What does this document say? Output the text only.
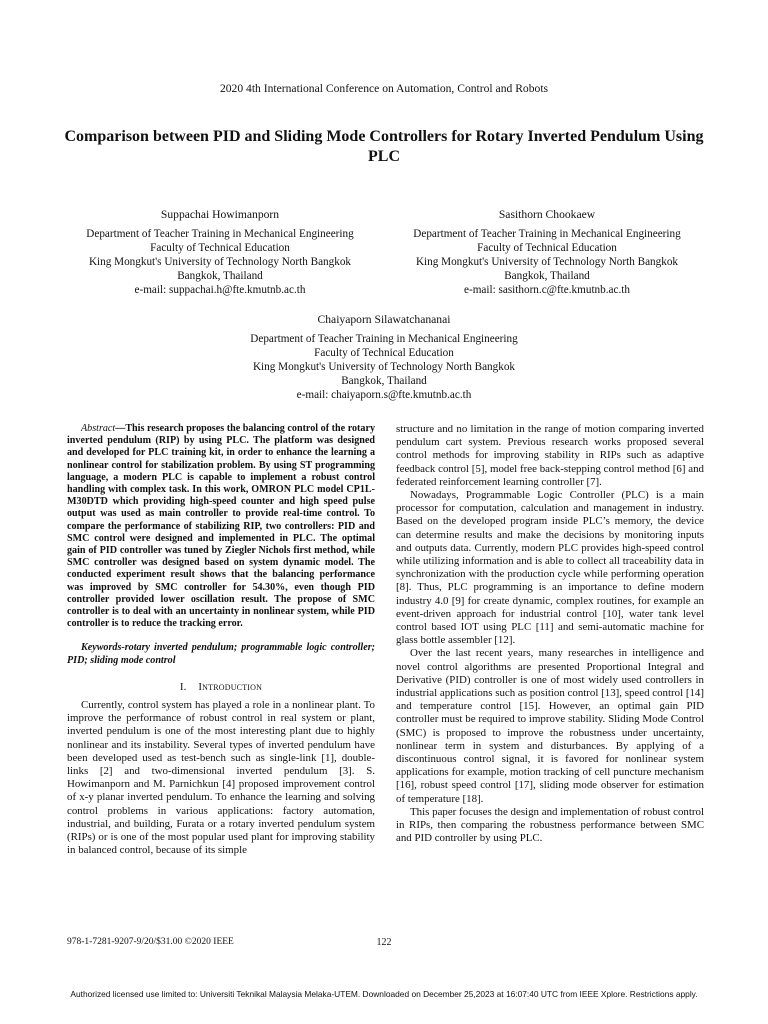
2020 4th International Conference on Automation, Control and Robots
Comparison between PID and Sliding Mode Controllers for Rotary Inverted Pendulum Using PLC
Suppachai Howimanporn
Department of Teacher Training in Mechanical Engineering
Faculty of Technical Education
King Mongkut's University of Technology North Bangkok
Bangkok, Thailand
e-mail: suppachai.h@fte.kmutnb.ac.th
Sasithorn Chookaew
Department of Teacher Training in Mechanical Engineering
Faculty of Technical Education
King Mongkut's University of Technology North Bangkok
Bangkok, Thailand
e-mail: sasithorn.c@fte.kmutnb.ac.th
Chaiyaporn Silawatchananai
Department of Teacher Training in Mechanical Engineering
Faculty of Technical Education
King Mongkut's University of Technology North Bangkok
Bangkok, Thailand
e-mail: chaiyaporn.s@fte.kmutnb.ac.th

Abstract—This research proposes the balancing control of the rotary inverted pendulum (RIP) by using PLC. The platform was designed and developed for PLC training kit, in order to enhance the learning a nonlinear control for stabilization problem. By using ST programming language, a modern PLC is capable to implement a robust control handling with complex task. In this work, OMRON PLC model CP1L-M30DTD which providing high-speed counter and high speed pulse output was used as main controller to provide real-time control. To compare the performance of stabilizing RIP, two controllers: PID and SMC control were designed and implemented in PLC. The optimal gain of PID controller was tuned by Ziegler Nichols first method, while SMC controller was designed based on system dynamic model. The conducted experiment result shows that the balancing performance was improved by SMC controller for 54.30%, even though PID controller provided lower oscillation result. The propose of SMC controller is to deal with an uncertainty in nonlinear system, while PID controller is to reduce the tracking error.

Keywords-rotary inverted pendulum; programmable logic controller; PID; sliding mode control

I. Introduction

Currently, control system has played a role in a nonlinear plant. To improve the performance of robust control in real system or plant, inverted pendulum is one of the most interesting plant due to highly nonlinear and its instability. Several types of inverted pendulum have been developed used as test-bench such as single-link [1], double-links [2] and two-dimensional inverted pendulum [3]. S. Howimanporn and M. Parnichkun [4] proposed improvement control of x-y planar inverted pendulum. To enhance the learning and solving control problems in various applications: factory automation, industrial, and building, Furata or a rotary inverted pendulum system (RIPs) or is one of the most popular used plant for improving stability in balanced control, because of its simple

structure and no limitation in the range of motion comparing inverted pendulum cart system. Previous research works proposed several control methods for improving stability in RIPs such as adaptive feedback control [5], model free back-stepping control method [6] and federated reinforcement learning controller [7].

Nowadays, Programmable Logic Controller (PLC) is a main processor for computation, calculation and management in industry. Based on the developed program inside PLC’s memory, the device can determine results and make the decisions by monitoring inputs and outputs data. Currently, modern PLC provides high-speed control while utilizing information and is able to collect all traceability data in synchronization with the production cycle while performing operation [8]. Thus, PLC programming is an importance to define modern industry 4.0 [9] for create dynamic, complex routines, for example an event-driven approach for industrial control [10], water tank level control based IOT using PLC [11] and semi-automatic machine for glass bottle assembler [12].

Over the last recent years, many researches in intelligence and novel control algorithms are presented Proportional Integral and Derivative (PID) controller is one of most widely used controllers in industrial applications such as position control [13], speed control [14] and temperature control [15]. However, an optimal gain PID controller must be required to improve stability. Sliding Mode Control (SMC) is proposed to improve the robustness under uncertainty, nonlinear term in system and disturbances. By applying of a discontinuous control signal, it is favored for nonlinear system applications for example, motion tracking of cell puncture mechanism [16], robust speed control [17], sliding mode observer for estimation of temperature [18].

This paper focuses the design and implementation of robust control in RIPs, then comparing the robustness performance between SMC and PID controller by using PLC.

978-1-7281-9207-9/20/$31.00 ©2020 IEEE	122
Authorized licensed use limited to: Universiti Teknikal Malaysia Melaka-UTEM. Downloaded on December 25,2023 at 16:07:40 UTC from IEEE Xplore. Restrictions apply.
